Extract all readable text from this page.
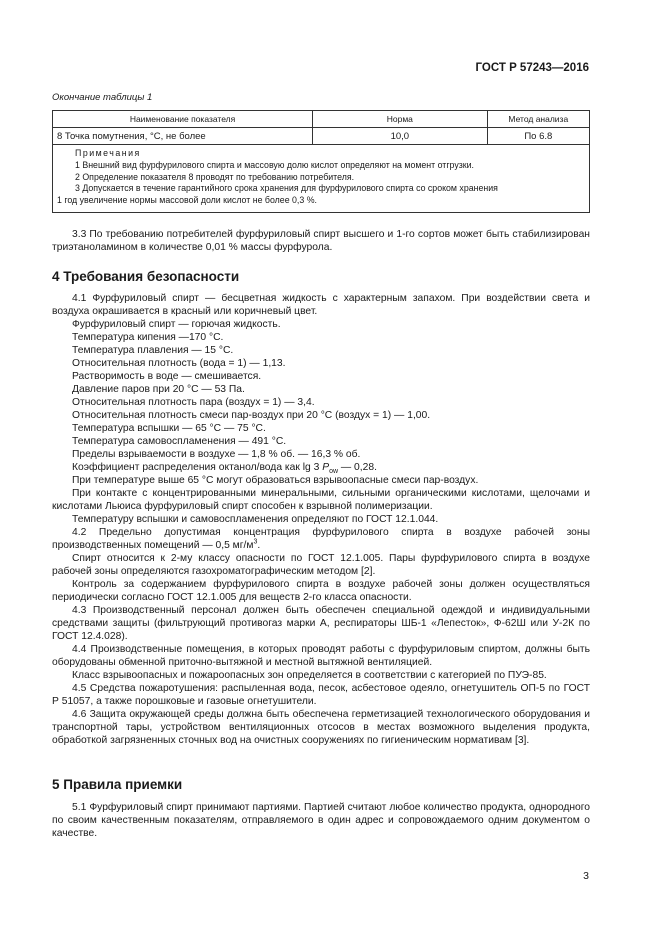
ГОСТ Р 57243—2016
Окончание таблицы 1
Наименование показателя	Норма	Метод анализа
8 Точка помутнения, °С, не более	10,0	По 6.8

Примечания
1 Внешний вид фурфурилового спирта и массовую долю кислот определяют на момент отгрузки.
2 Определение показателя 8 проводят по требованию потребителя.
3 Допускается в течение гарантийного срока хранения для фурфурилового спирта со сроком хранения
1 год увеличение нормы массовой доли кислот не более 0,3 %.		

3.3 По требованию потребителей фурфуриловый спирт высшего и 1-го сортов может быть стабилизирован триэтаноламином в количестве 0,01 % массы фурфурола.

4 Требования безопасности

4.1 Фурфуриловый спирт — бесцветная жидкость с характерным запахом. При воздействии света и воздуха окрашивается в красный или коричневый цвет.

Фурфуриловый спирт — горючая жидкость.

Температура кипения —170 °С.

Температура плавления — 15 °С.

Относительная плотность (вода = 1) — 1,13.

Растворимость в воде — смешивается.

Давление паров при 20 °С — 53 Па.

Относительная плотность пара (воздух = 1) — 3,4.

Относительная плотность смеси пар-воздух при 20 °С (воздух = 1) — 1,00.

Температура вспышки — 65 °С — 75 °С.

Температура самовоспламенения — 491 °С.

Пределы взрываемости в воздухе — 1,8 % об. — 16,3 % об.

Коэффициент распределения октанол/вода как lg 3 $P_{ow}$ — 0,28.

При температуре выше 65 °С могут образоваться взрывоопасные смеси пар-воздух.

При контакте с концентрированными минеральными, сильными органическими кислотами, щелочами и кислотами Льюиса фурфуриловый спирт способен к взрывной полимеризации.

Температуру вспышки и самовоспламенения определяют по ГОСТ 12.1.044.

4.2 Предельно допустимая концентрация фурфурилового спирта в воздухе рабочей зоны производственных помещений — 0,5 $мг/м^3$.

Спирт относится к 2-му классу опасности по ГОСТ 12.1.005. Пары фурфурилового спирта в воздухе рабочей зоны определяются газохроматографическим методом [2].

Контроль за содержанием фурфурилового спирта в воздухе рабочей зоны должен осуществляться периодически согласно ГОСТ 12.1.005 для веществ 2-го класса опасности.

4.3 Производственный персонал должен быть обеспечен специальной одеждой и индивидуальными средствами защиты (фильтрующий противогаз марки А, респираторы ШБ-1 «Лепесток», Ф-62Ш или У-2К по ГОСТ 12.4.028).

4.4 Производственные помещения, в которых проводят работы с фурфуриловым спиртом, должны быть оборудованы обменной приточно-вытяжной и местной вытяжной вентиляцией.

Класс взрывоопасных и пожароопасных зон определяется в соответствии с категорией по ПУЭ-85.

4.5 Средства пожаротушения: распыленная вода, песок, асбестовое одеяло, огнетушитель ОП-5 по ГОСТ Р 51057, а также порошковые и газовые огнетушители.

4.6 Защита окружающей среды должна быть обеспечена герметизацией технологического оборудования и транспортной тары, устройством вентиляционных отсосов в местах возможного выделения продукта, обработкой загрязненных сточных вод на очистных сооружениях по гигиеническим нормативам [3].

5 Правила приемки

5.1 Фурфуриловый спирт принимают партиями. Партией считают любое количество продукта, однородного по своим качественным показателям, отправляемого в один адрес и сопровождаемого одним документом о качестве.

3
